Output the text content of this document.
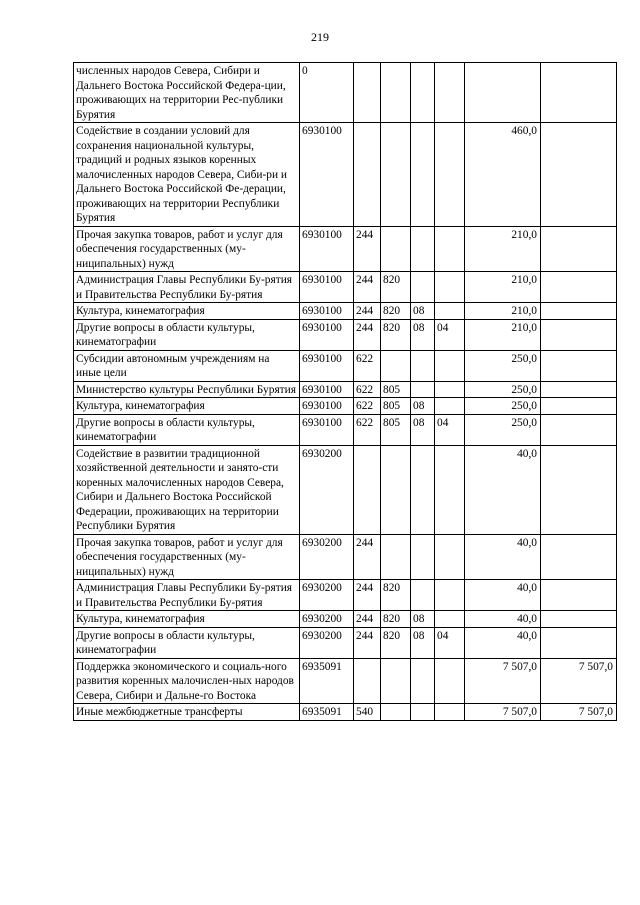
219
численных народов Севера, Сибири и Дальнего Востока Российской Федера-ции, проживающих на территории Рес-публики Бурятия	0						
Содействие в создании условий для сохранения национальной культуры, традиций и родных языков коренных малочисленных народов Севера, Сиби-ри и Дальнего Востока Российской Фе-дерации, проживающих на территории Республики Бурятия	6930100					460,0	
Прочая закупка товаров, работ и услуг для обеспечения государственных (му-ниципальных) нужд	6930100	244				210,0	
Администрация Главы Республики Бу-рятия и Правительства Республики Бу-рятия	6930100	244	820			210,0	
Культура, кинематография	6930100	244	820	08		210,0	
Другие вопросы в области культуры, кинематографии	6930100	244	820	08	04	210,0	
Субсидии автономным учреждениям на иные цели	6930100	622				250,0	
Министерство культуры Республики Бурятия	6930100	622	805			250,0	
Культура, кинематография	6930100	622	805	08		250,0	
Другие вопросы в области культуры, кинематографии	6930100	622	805	08	04	250,0	
Содействие в развитии традиционной хозяйственной деятельности и занято-сти коренных малочисленных народов Севера, Сибири и Дальнего Востока Российской Федерации, проживающих на территории Республики Бурятия	6930200					40,0	
Прочая закупка товаров, работ и услуг для обеспечения государственных (му-ниципальных) нужд	6930200	244				40,0	
Администрация Главы Республики Бу-рятия и Правительства Республики Бу-рятия	6930200	244	820			40,0	
Культура, кинематография	6930200	244	820	08		40,0	
Другие вопросы в области культуры, кинематографии	6930200	244	820	08	04	40,0	
Поддержка экономического и социаль-ного развития коренных малочислен-ных народов Севера, Сибири и Дальне-го Востока	6935091					7 507,0	7 507,0
Иные межбюджетные трансферты	6935091	540				7 507,0	7 507,0
